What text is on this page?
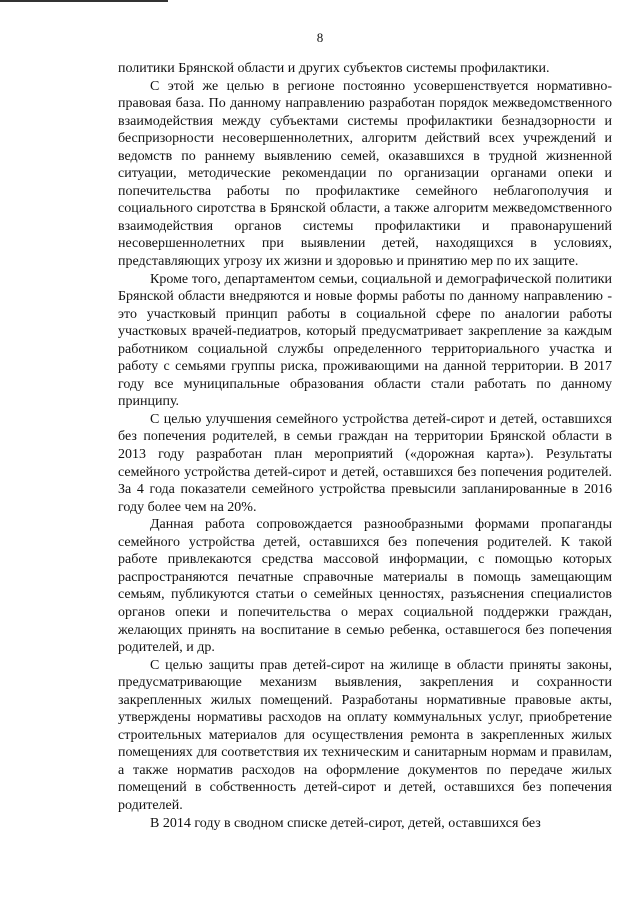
8

политики Брянской области и других субъектов системы профилактики.

С этой же целью в регионе постоянно усовершенствуется нормативно-правовая база. По данному направлению разработан порядок межведомственного взаимодействия между субъектами системы профилактики безнадзорности и беспризорности несовершеннолетних, алгоритм действий всех учреждений и ведомств по раннему выявлению семей, оказавшихся в трудной жизненной ситуации, методические рекомендации по организации органами опеки и попечительства работы по профилактике семейного неблагополучия и социального сиротства в Брянской области, а также алгоритм межведомственного взаимодействия органов системы профилактики и правонарушений несовершеннолетних при выявлении детей, находящихся в условиях, представляющих угрозу их жизни и здоровью и принятию мер по их защите.

Кроме того, департаментом семьи, социальной и демографической политики Брянской области внедряются и новые формы работы по данному направлению - это участковый принцип работы в социальной сфере по аналогии работы участковых врачей-педиатров, который предусматривает закрепление за каждым работником социальной службы определенного территориального участка и работу с семьями группы риска, проживающими на данной территории. В 2017 году все муниципальные образования области стали работать по данному принципу.

С целью улучшения семейного устройства детей-сирот и детей, оставшихся без попечения родителей, в семьи граждан на территории Брянской области в 2013 году разработан план мероприятий («дорожная карта»). Результаты семейного устройства детей-сирот и детей, оставшихся без попечения родителей. За 4 года показатели семейного устройства превысили запланированные в 2016 году более чем на 20%.

Данная работа сопровождается разнообразными формами пропаганды семейного устройства детей, оставшихся без попечения родителей. К такой работе привлекаются средства массовой информации, с помощью которых распространяются печатные справочные материалы в помощь замещающим семьям, публикуются статьи о семейных ценностях, разъяснения специалистов органов опеки и попечительства о мерах социальной поддержки граждан, желающих принять на воспитание в семью ребенка, оставшегося без попечения родителей, и др.

С целью защиты прав детей-сирот на жилище в области приняты законы, предусматривающие механизм выявления, закрепления и сохранности закрепленных жилых помещений. Разработаны нормативные правовые акты, утверждены нормативы расходов на оплату коммунальных услуг, приобретение строительных материалов для осуществления ремонта в закрепленных жилых помещениях для соответствия их техническим и санитарным нормам и правилам, а также норматив расходов на оформление документов по передаче жилых помещений в собственность детей-сирот и детей, оставшихся без попечения родителей.

В 2014 году в сводном списке детей-сирот, детей, оставшихся без
